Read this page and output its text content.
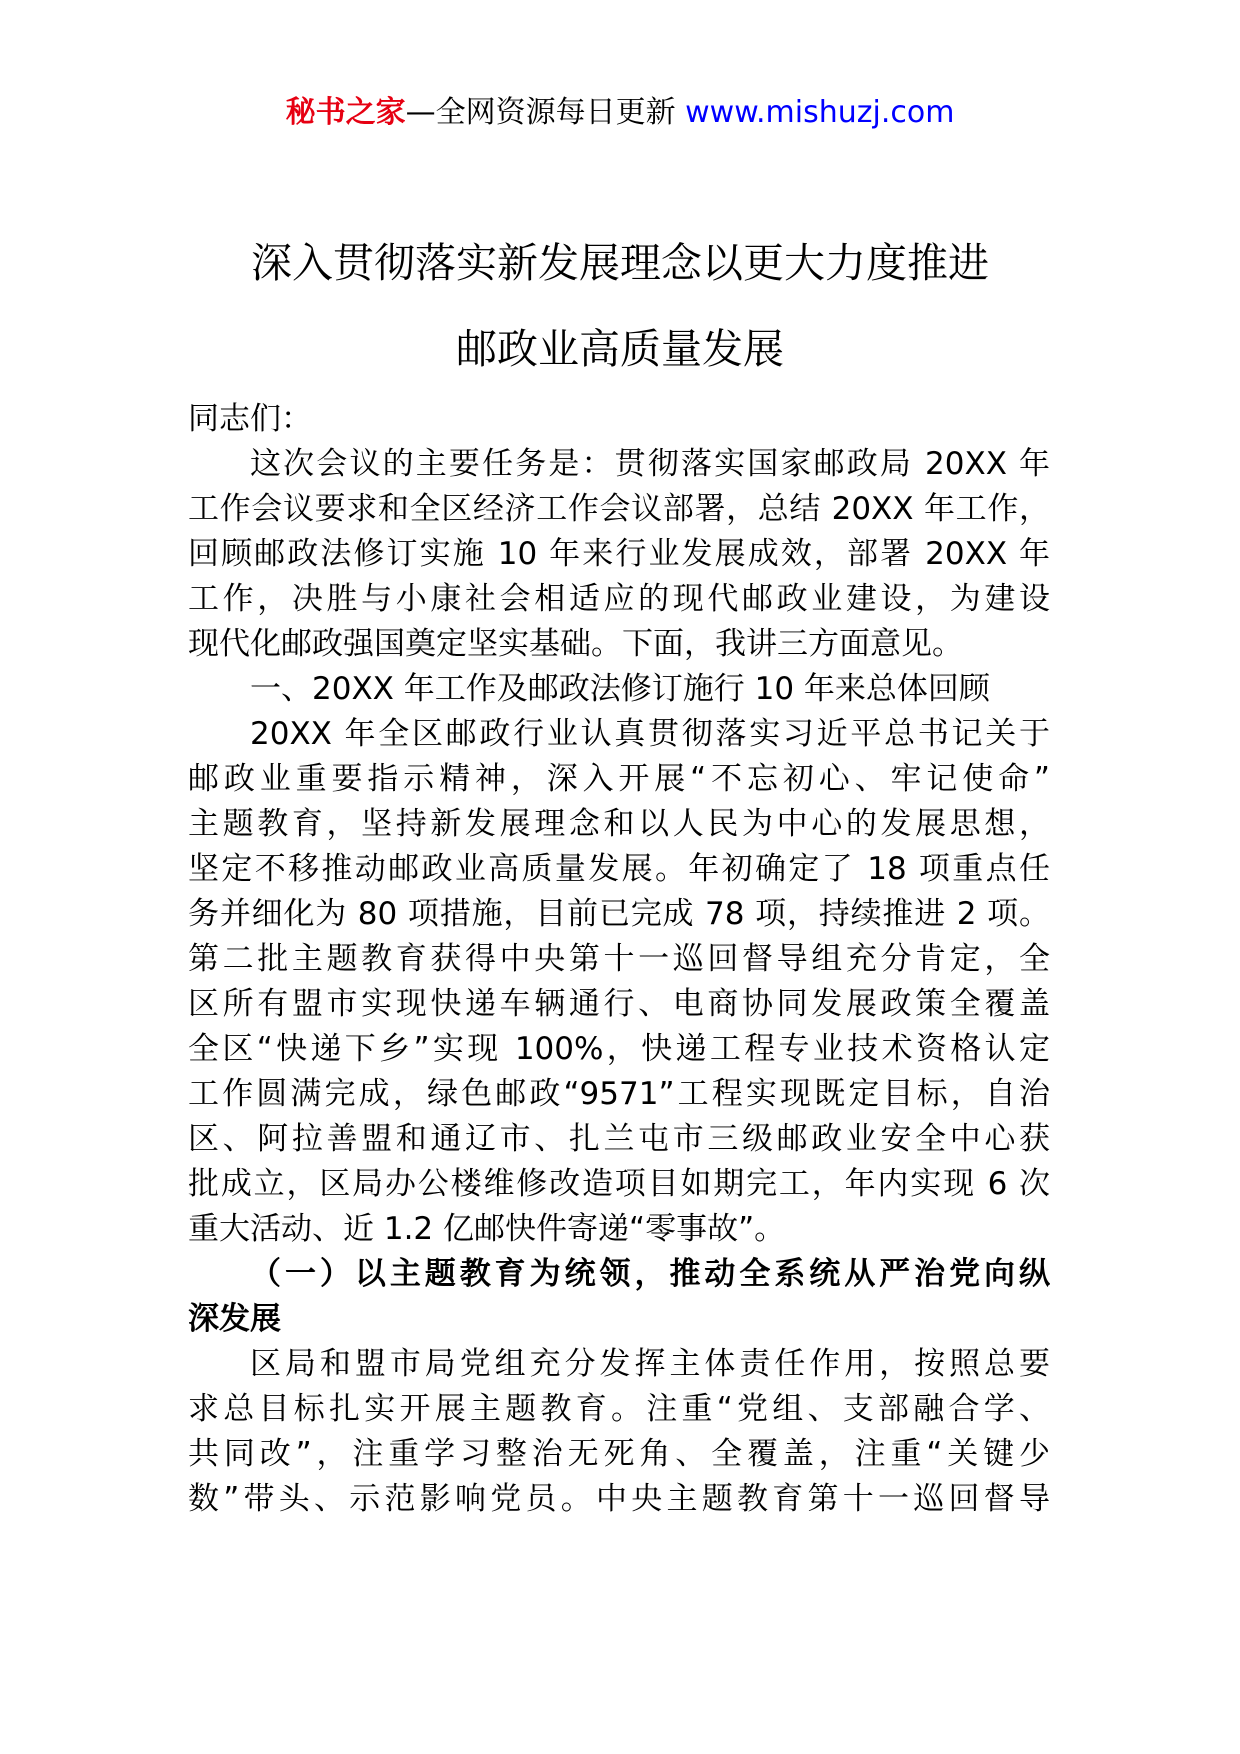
秘书之家—全网资源每日更新 www.mishuzj.com
深入贯彻落实新发展理念以更大力度推进
邮政业高质量发展
同志们：
这次会议的主要任务是：贯彻落实国家邮政局 20XX 年
工作会议要求和全区经济工作会议部署，总结 20XX 年工作，
回顾邮政法修订实施 10 年来行业发展成效，部署 20XX 年
工作，决胜与小康社会相适应的现代邮政业建设，为建设
现代化邮政强国奠定坚实基础。下面，我讲三方面意见。
一、20XX 年工作及邮政法修订施行 10 年来总体回顾
20XX 年全区邮政行业认真贯彻落实习近平总书记关于
邮政业重要指示精神，深入开展“不忘初心、牢记使命”
主题教育，坚持新发展理念和以人民为中心的发展思想，
坚定不移推动邮政业高质量发展。年初确定了 18 项重点任
务并细化为 80 项措施，目前已完成 78 项，持续推进 2 项。
第二批主题教育获得中央第十一巡回督导组充分肯定，全
区所有盟市实现快递车辆通行、电商协同发展政策全覆盖
全区“快递下乡”实现 100%，快递工程专业技术资格认定
工作圆满完成，绿色邮政“9571”工程实现既定目标，自治
区、阿拉善盟和通辽市、扎兰屯市三级邮政业安全中心获
批成立，区局办公楼维修改造项目如期完工，年内实现 6 次
重大活动、近 1.2 亿邮快件寄递“零事故”。
（一）以主题教育为统领，推动全系统从严治党向纵
深发展
区局和盟市局党组充分发挥主体责任作用，按照总要
求总目标扎实开展主题教育。注重“党组、支部融合学、
共同改”，注重学习整治无死角、全覆盖，注重“关键少
数”带头、示范影响党员。中央主题教育第十一巡回督导
